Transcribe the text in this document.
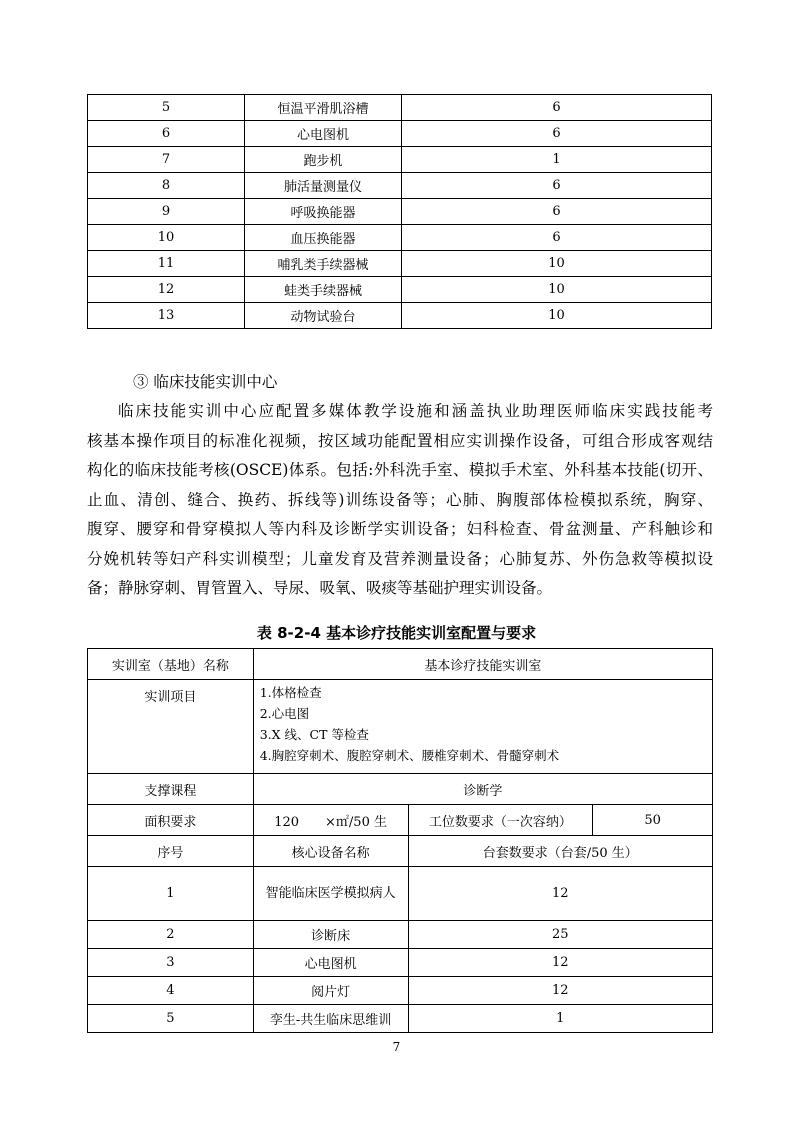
5	恒温平滑肌浴槽	6
6	心电图机	6
7	跑步机	1
8	肺活量测量仪	6
9	呼吸换能器	6
10	血压换能器	6
11	哺乳类手续器械	10
12	蛙类手续器械	10
13	动物试验台	10
③ 临床技能实训中心
临床技能实训中心应配置多媒体教学设施和涵盖执业助理医师临床实践技能考
核基本操作项目的标准化视频，按区域功能配置相应实训操作设备，可组合形成客观结
构化的临床技能考核(OSCE)体系。包括:外科洗手室、模拟手术室、外科基本技能(切开、
止血、清创、缝合、换药、拆线等)训练设备等；心肺、胸腹部体检模拟系统，胸穿、
腹穿、腰穿和骨穿模拟人等内科及诊断学实训设备；妇科检查、骨盆测量、产科触诊和
分娩机转等妇产科实训模型；儿童发育及营养测量设备；心肺复苏、外伤急救等模拟设
备；静脉穿刺、胃管置入、导尿、吸氧、吸痰等基础护理实训设备。
表 8-2-4 基本诊疗技能实训室配置与要求
实训室（基地）名称	基本诊疗技能实训室		
实训项目	1.体格检查
2.心电图
3.X 线、CT 等检查
4.胸腔穿刺术、腹腔穿刺术、腰椎穿刺术、骨髓穿刺术		

支撑课程	诊断学		
面积要求	120　　×㎡/50 生	工位数要求（一次容纳）	50
序号	核心设备名称	台套数要求（台套/50 生）	
1	智能临床医学模拟病人	12	
2	诊断床	25	
3	心电图机	12	
4	阅片灯	12	
5	孪生-共生临床思维训	1	
7
